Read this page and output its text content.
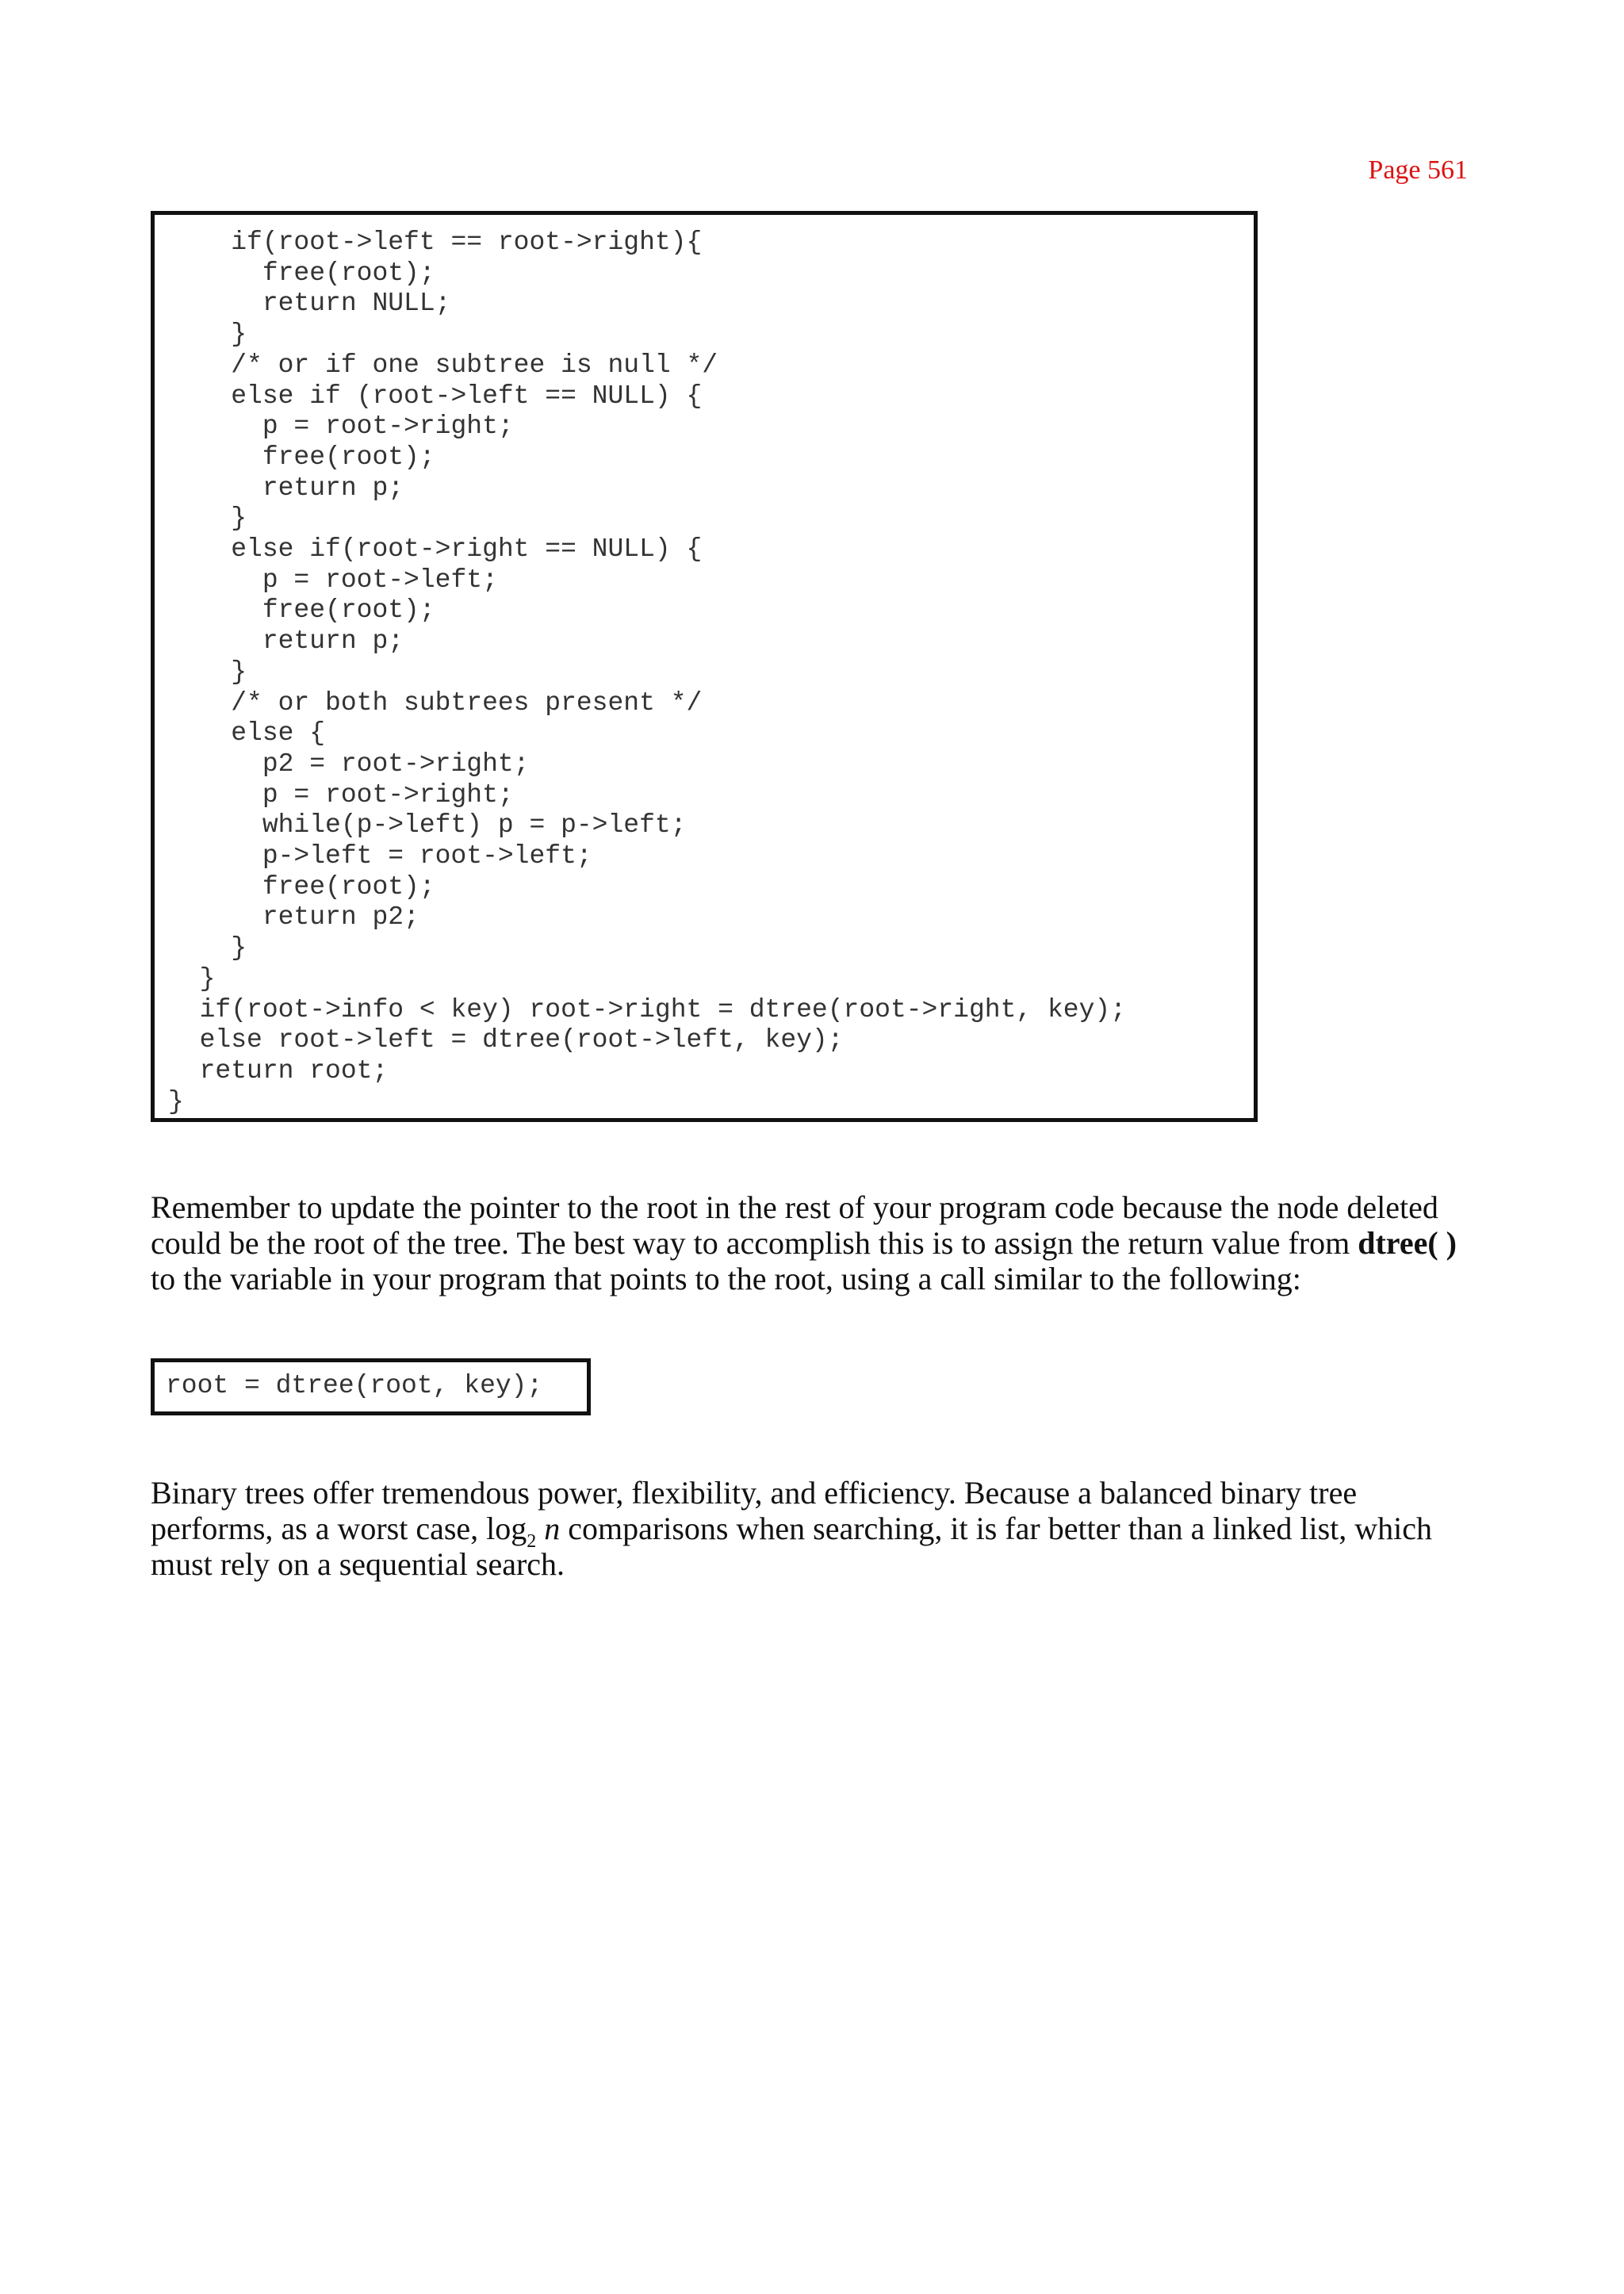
Page 561
if(root->left == root->right){
free(root);
return NULL;
}
/* or if one subtree is null */
else if (root->left == NULL) {
p = root->right;
free(root);
return p;
}
else if(root->right == NULL) {
p = root->left;
free(root);
return p;
}
/* or both subtrees present */
else {
p2 = root->right;
p = root->right;
while(p->left) p = p->left;
p->left = root->left;
free(root);
return p2;
}
}
if(root->info < key) root->right = dtree(root->right, key);
else root->left = dtree(root->left, key);
return root;
}

Remember to update the pointer to the root in the rest of your program code because the node deleted could be the root of the tree. The best way to accomplish this is to assign the return value from dtree( ) to the variable in your program that points to the root, using a call similar to the following:

root = dtree(root, key);

Binary trees offer tremendous power, flexibility, and efficiency. Because a balanced binary tree performs, as a worst case, $\log_2 n$ comparisons when searching, it is far better than a linked list, which must rely on a sequential search.
